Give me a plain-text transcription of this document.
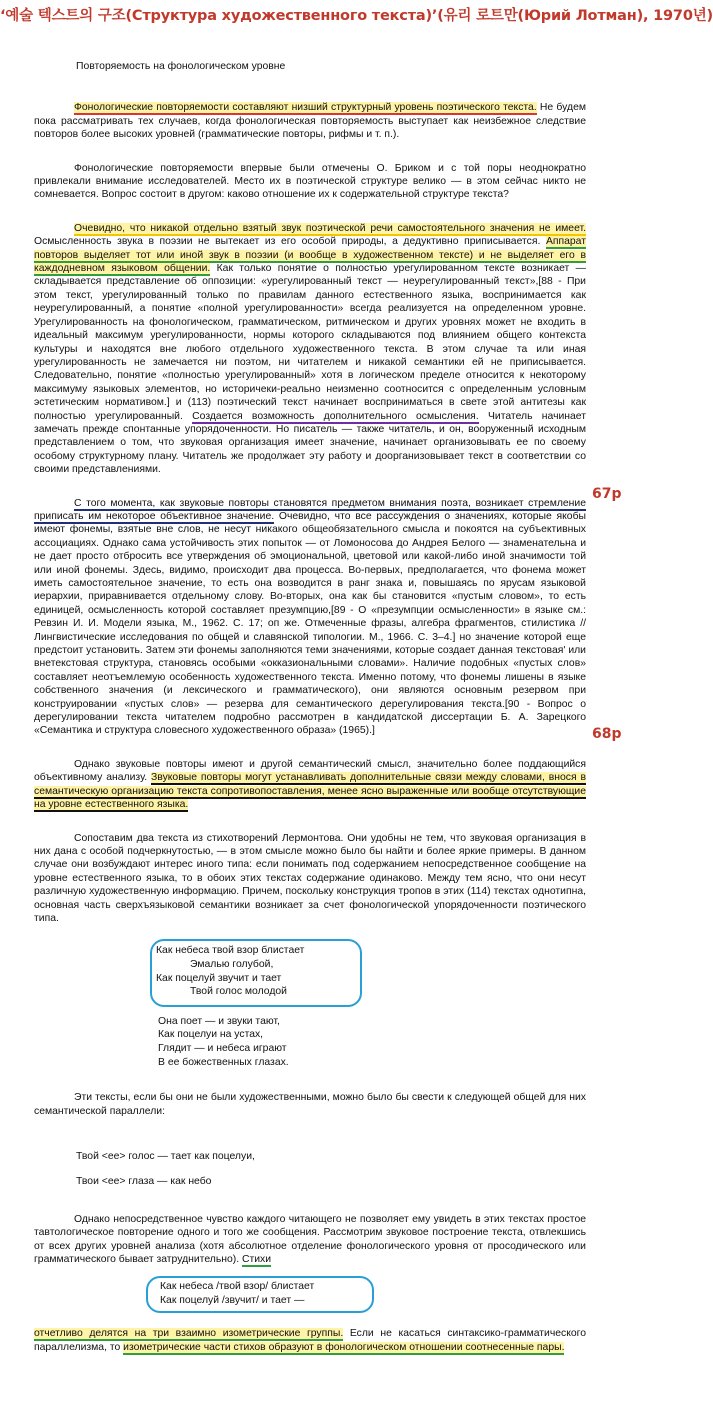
‘예술 텍스트의 구조(Структура художественного текста)’(유리 로트만(Юрий Лотман), 1970년)
Повторяемость на фонологическом уровне

Фонологические повторяемости составляют низший структурный уровень поэтического текста. Не будем пока рассматривать тех случаев, когда фонологическая повторяемость выступает как неизбежное следствие повторов более высоких уровней (грамматические повторы, рифмы и т. п.).

Фонологические повторяемости впервые были отмечены О. Бриком и с той поры неоднократно привлекали внимание исследователей. Место их в поэтической структуре велико — в этом сейчас никто не сомневается. Вопрос состоит в другом: каково отношение их к содержательной структуре текста?

Очевидно, что никакой отдельно взятый звук поэтической речи самостоятельного значения не имеет. Осмысленность звука в поэзии не вытекает из его особой природы, а дедуктивно приписывается. Аппарат повторов выделяет тот или иной звук в поэзии (и вообще в художественном тексте) и не выделяет его в каждодневном языковом общении. Как только понятие о полностью урегулированном тексте возникает — складывается представление об оппозиции: «урегулированный текст — неурегулированный текст»,[88 - При этом текст, урегулированный только по правилам данного естественного языка, воспринимается как неурегулированный, а понятие «полной урегулированности» всегда реализуется на определенном уровне. Урегулированность на фонологическом, грамматическом, ритмическом и других уровнях может не входить в идеальный максимум урегулированности, нормы которого складываются под влиянием общего контекста культуры и находятся вне любого отдельного художественного текста. В этом случае та или иная урегулированность не замечается ни поэтом, ни читателем и никакой семантики ей не приписывается. Следовательно, понятие «полностью урегулированный» хотя в логическом пределе относится к некоторому максимуму языковых элементов, но историчеки-реально неизменно соотносится с определенным условным эстетическим нормативом.] и (113) поэтический текст начинает восприниматься в свете этой антитезы как полностью урегулированный. Создается возможность дополнительного осмысления. Читатель начинает замечать прежде спонтанные упорядоченности. Но писатель — также читатель, и он, вооруженный исходным представлением о том, что звуковая организация имеет значение, начинает организовывать ее по своему особому структурному плану. Читатель же продолжает эту работу и доорганизовывает текст в соответствии со своими представлениями.

С того момента, как звуковые повторы становятся предметом внимания поэта, возникает стремление приписать им некоторое объективное значение. Очевидно, что все рассуждения о значениях, которые якобы имеют фонемы, взятые вне слов, не несут никакого общеобязательного смысла и покоятся на субъективных ассоциациях. Однако сама устойчивость этих попыток — от Ломоносова до Андрея Белого — знаменательна и не дает просто отбросить все утверждения об эмоциональной, цветовой или какой-либо иной значимости той или иной фонемы. Здесь, видимо, происходит два процесса. Во-первых, предполагается, что фонема может иметь самостоятельное значение, то есть она возводится в ранг знака и, повышаясь по ярусам языковой иерархии, приравнивается отдельному слову. Во-вторых, она как бы становится «пустым словом», то есть единицей, осмысленность которой составляет презумпцию,[89 - О «презумпции осмысленности» в языке см.: Ревзин И. И. Модели языка, М., 1962. С. 17; оп же. Отмеченные фразы, алгебра фрагментов, стилистика // Лингвистические исследования по общей и славянской типологии. М., 1966. С. 3–4.] но значение которой еще предстоит установить. Затем эти фонемы заполняются теми значениями, которые создает данная текстовая' или внетекстовая структура, становясь особыми «окказиональными словами». Наличие подобных «пустых слов» составляет неотъемлемую особенность художественного текста. Именно потому, что фонемы лишены в языке собственного значения (и лексического и грамматического), они являются основным резервом при конструировании «пустых слов» — резерва для семантического дерегулирования текста.[90 - Вопрос о дерегулировании текста читателем подробно рассмотрен в кандидатской диссертации Б. А. Зарецкого «Семантика и структура словесного художественного образа» (1965).]

Однако звуковые повторы имеют и другой семантический смысл, значительно более поддающийся объективному анализу. Звуковые повторы могут устанавливать дополнительные связи между словами, внося в семантическую организацию текста сопротивопоставления, менее ясно выраженные или вообще отсутствующие на уровне естественного языка.

Сопоставим два текста из стихотворений Лермонтова. Они удобны не тем, что звуковая организация в них дана с особой подчеркнутостью, — в этом смысле можно было бы найти и более яркие примеры. В данном случае они возбуждают интерес иного типа: если понимать под содержанием непосредственное сообщение на уровне естественного языка, то в обоих этих текстах содержание одинаково. Между тем ясно, что они несут различную художественную информацию. Причем, поскольку конструкция тропов в этих (114) текстах однотипна, основная часть сверхъязыковой семантики возникает за счет фонологической упорядоченности поэтического типа.

Как небеса твой взор блистает
Эмалью голубой,
Как поцелуй звучит и тает
Твой голос молодой
Она поет — и звуки тают,
Как поцелуи на устах,
Глядит — и небеса играют
В ее божественных глазах.

Эти тексты, если бы они не были художественными, можно было бы свести к следующей общей для них семантической параллели:

Твой <ее> голос — тает как поцелуи,
Твои <ее> глаза — как небо

Однако непосредственное чувство каждого читающего не позволяет ему увидеть в этих текстах простое тавтологическое повторение одного и того же сообщения. Рассмотрим звуковое построение текста, отвлекшись от всех других уровней анализа (хотя абсолютное отделение фонологического уровня от просодического или грамматического бывает затруднительно). Стихи

Как небеса /твой взор/ блистает
Как поцелуй /звучит/ и тает —

отчетливо делятся на три взаимно изометрические группы. Если не касаться синтаксико-грамматического параллелизма, то изометрические части стихов образуют в фонологическом отношении соотнесенные пары.

67р
68р
